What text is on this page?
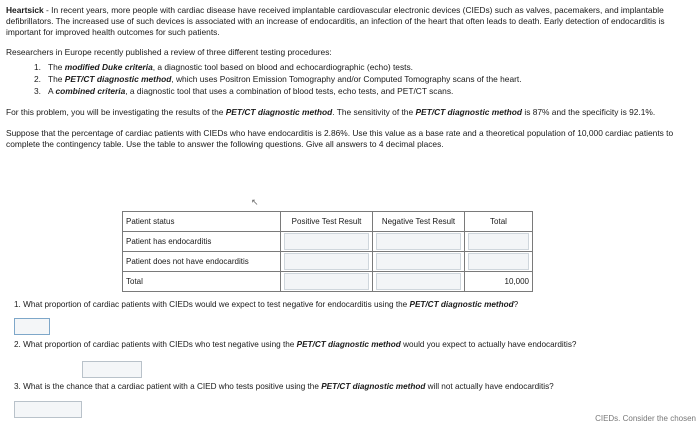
Heartsick - In recent years, more people with cardiac disease have received implantable cardiovascular electronic devices (CIEDs) such as valves, pacemakers, and implantable defibrillators. The increased use of such devices is associated with an increase of endocarditis, an infection of the heart that often leads to death. Early detection of endocarditis is important for improved health outcomes for such patients.

Researchers in Europe recently published a review of three different testing procedures:

1. The modified Duke criteria, a diagnostic tool based on blood and echocardiographic (echo) tests.
2. The PET/CT diagnostic method, which uses Positron Emission Tomography and/or Computed Tomography scans of the heart.
3. A combined criteria, a diagnostic tool that uses a combination of blood tests, echo tests, and PET/CT scans.

For this problem, you will be investigating the results of the PET/CT diagnostic method. The sensitivity of the PET/CT diagnostic method is 87% and the specificity is 92.1%.

Suppose that the percentage of cardiac patients with CIEDs who have endocarditis is 2.86%. Use this value as a base rate and a theoretical population of 10,000 cardiac patients to complete the contingency table. Use the table to answer the following questions. Give all answers to 4 decimal places.

↖
Patient status	Positive Test Result	Negative Test Result	Total
Patient has endocarditis	

Patient does not have endocarditis	

Total			10,000

1. What proportion of cardiac patients with CIEDs would we expect to test negative for endocarditis using the PET/CT diagnostic method?

2. What proportion of cardiac patients with CIEDs who test negative using the PET/CT diagnostic method would you expect to actually have endocarditis?

3. What is the chance that a cardiac patient with a CIED who tests positive using the PET/CT diagnostic method will not actually have endocarditis?

CIEDs. Consider the chosen
